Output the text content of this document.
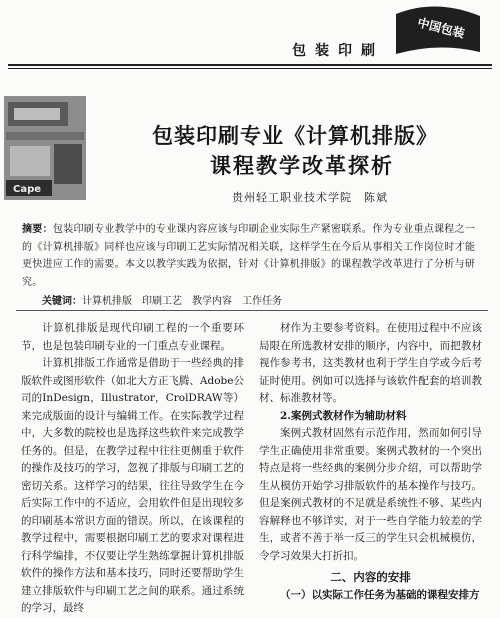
中国包装
包装印刷
Cape
包装印刷专业《计算机排版》
课程教学改革探析
贵州轻工职业技术学院　陈斌
摘要：包装印刷专业教学中的专业课内容应该与印刷企业实际生产紧密联系。作为专业重点课程之一的《计算机排版》同样也应该与印刷工艺实际情况相关联，这样学生在今后从事相关工作岗位时才能更快进应工作的需要。本文以教学实践为依据，针对《计算机排版》的课程教学改革进行了分析与研究。
关键词：计算机排版　印刷工艺　教学内容　工作任务

计算机排版是现代印刷工程的一个重要环节，也是包装印刷专业的一门重点专业课程。

计算机排版工作通常是借助于一些经典的排版软件或图形软件（如北大方正飞腾、Adobe公司的InDesign，Illustrator，CrolDRAW等）来完成版面的设计与编辑工作。在实际教学过程中，大多数的院校也是选择这些软件来完成教学任务的。但是，在教学过程中往往更侧重于软件的操作及技巧的学习，忽视了排版与印刷工艺的密切关系。这样学习的结果，往往导致学生在今后实际工作中的不适应，会用软件但是出现较多的印刷基本常识方面的错误。所以，在该课程的教学过程中，需要根据印刷工艺的要求对课程进行科学编排，不仅要让学生熟练掌握计算机排版软件的操作方法和基本技巧，同时还要帮助学生建立排版软件与印刷工艺之间的联系。通过系统的学习，最终

材作为主要参考资料。在使用过程中不应该局限在所选教材安排的顺序，内容中，而把教材视作参考书，这类教材也利于学生自学或今后考证时使用。例如可以选择与该软件配套的培训教材、标准教材等。

2.案例式教材作为辅助材料

案例式教材固然有示范作用，然而如何引导学生正确使用非常重要。案例式教材的一个突出特点是将一些经典的案例分步介绍，可以帮助学生从模仿开始学习排版软件的基本操作与技巧。但是案例式教材的不足就是系统性不够、某些内容解释也不够详实，对于一些自学能力较差的学生，或者不善于举一反三的学生只会机械模仿，令学习效果大打折扣。

二、内容的安排
（一）以实际工作任务为基础的课程安排方
